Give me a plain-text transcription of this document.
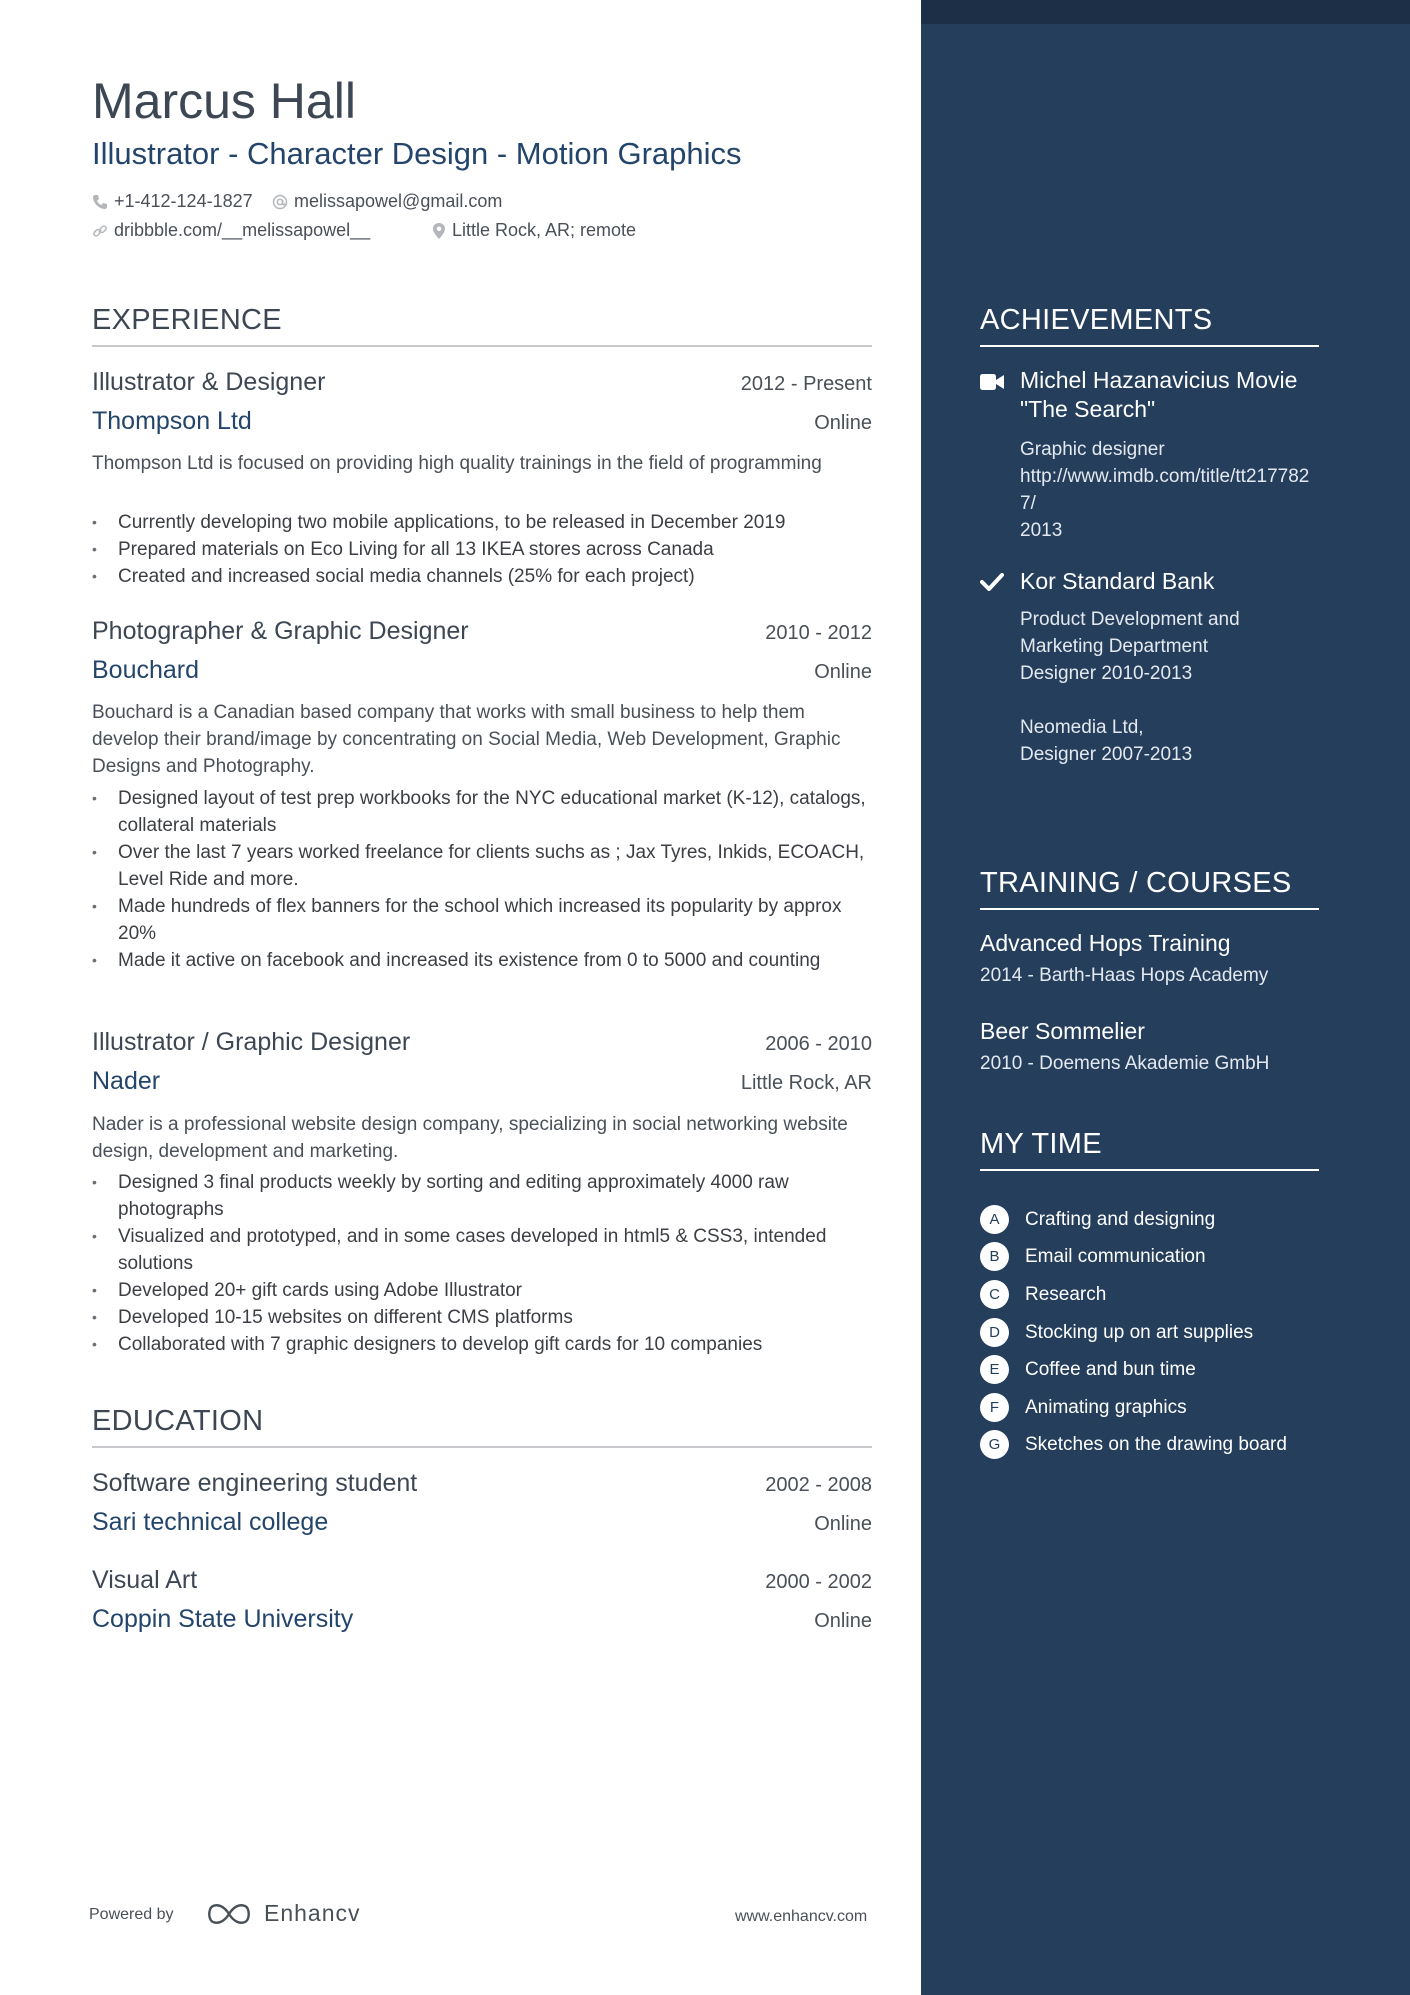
Marcus Hall
Illustrator - Character Design - Motion Graphics
+1-412-124-1827 melissapowel@gmail.com
dribbble.com/__melissapowel__	Little Rock, AR; remote
EXPERIENCE
Illustrator & Designer	2012 - Present
Thompson Ltd	Online

Thompson Ltd is focused on providing high quality trainings in the field of programming

• Currently developing two mobile applications, to be released in December 2019
• Prepared materials on Eco Living for all 13 IKEA stores across Canada
• Created and increased social media channels (25% for each project)
Photographer & Graphic Designer	2010 - 2012
Bouchard	Online

Bouchard is a Canadian based company that works with small business to help them develop their brand/image by concentrating on Social Media, Web Development, Graphic Designs and Photography.

• Designed layout of test prep workbooks for the NYC educational market (K-12), catalogs, collateral materials
• Over the last 7 years worked freelance for clients suchs as ; Jax Tyres, Inkids, ECOACH, Level Ride and more.
• Made hundreds of flex banners for the school which increased its popularity by approx 20%
• Made it active on facebook and increased its existence from 0 to 5000 and counting
Illustrator / Graphic Designer	2006 - 2010
Nader	Little Rock, AR

Nader is a professional website design company, specializing in social networking website design, development and marketing.

• Designed 3 final products weekly by sorting and editing approximately 4000 raw photographs
• Visualized and prototyped, and in some cases developed in html5 & CSS3, intended solutions
• Developed 20+ gift cards using Adobe Illustrator
• Developed 10-15 websites on different CMS platforms
• Collaborated with 7 graphic designers to develop gift cards for 10 companies
EDUCATION
Software engineering student	2002 - 2008
Sari technical college	Online
Visual Art	2000 - 2002
Coppin State University	Online
ACHIEVEMENTS
Michel Hazanavicius Movie "The Search"
Graphic designer
http://www.imdb.com/title/tt2177827/
2013
Kor Standard Bank
Product Development and Marketing Department
Designer 2010-2013
Neomedia Ltd,
Designer 2007-2013
TRAINING / COURSES
Advanced Hops Training
2014 - Barth-Haas Hops Academy
Beer Sommelier
2010 - Doemens Akademie GmbH
MY TIME
A	Crafting and designing
B	Email communication
C	Research
D	Stocking up on art supplies
E	Coffee and bun time
F	Animating graphics
G	Sketches on the drawing board
Powered by	Enhancv	www.enhancv.com
